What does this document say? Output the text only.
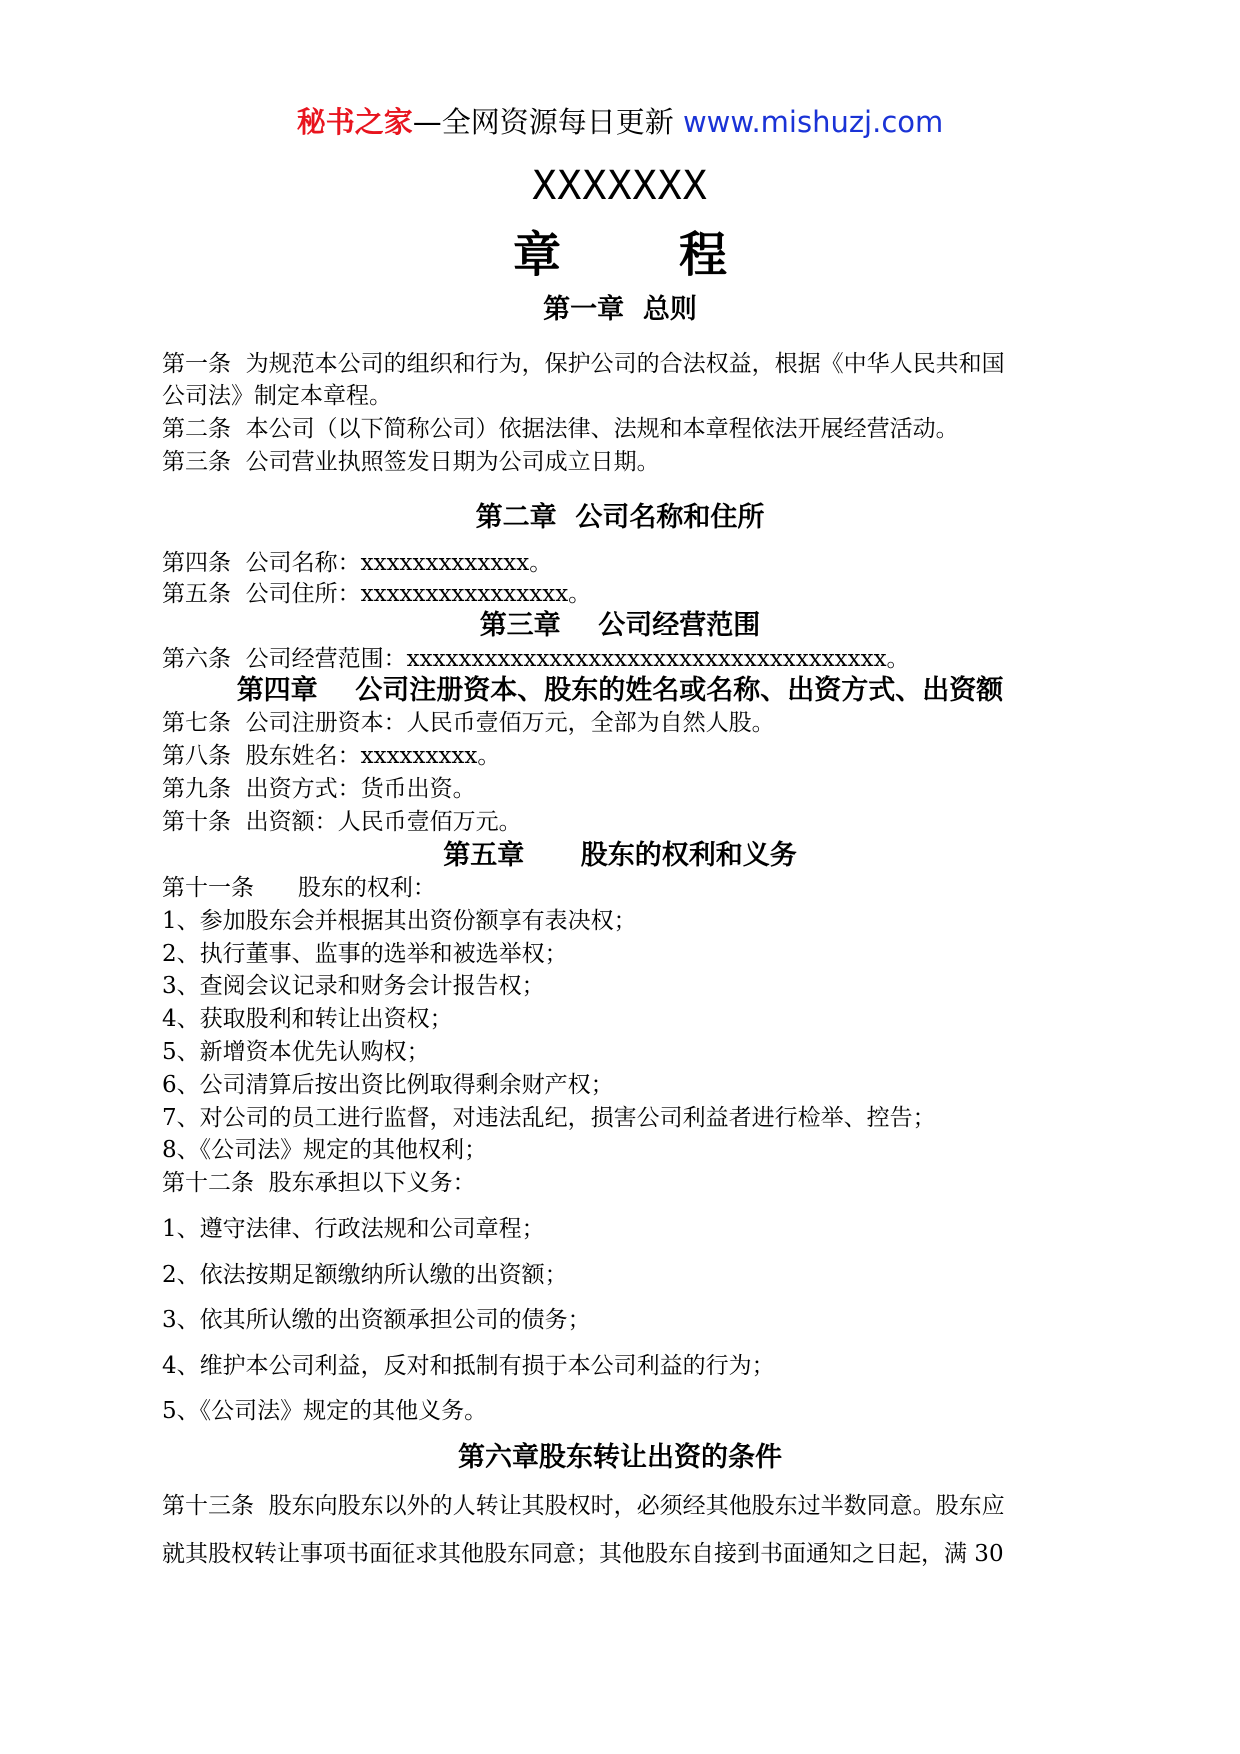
秘书之家—全网资源每日更新 www.mishuzj.com
XXXXXXX
章程
第一章  总则
第一条  为规范本公司的组织和行为，保护公司的合法权益，根据《中华人民共和国
公司法》制定本章程。
第二条  本公司（以下简称公司）依据法律、法规和本章程依法开展经营活动。
第三条  公司营业执照签发日期为公司成立日期。
第二章  公司名称和住所
第四条  公司名称：xxxxxxxxxxxxx。
第五条  公司住所：xxxxxxxxxxxxxxxx。
第三章    公司经营范围
第六条  公司经营范围：xxxxxxxxxxxxxxxxxxxxxxxxxxxxxxxxxxxxx。
第四章    公司注册资本、股东的姓名或名称、出资方式、出资额
第七条  公司注册资本：人民币壹佰万元，全部为自然人股。
第八条  股东姓名：xxxxxxxxx。
第九条  出资方式：货币出资。
第十条  出资额：人民币壹佰万元。
第五章      股东的权利和义务
第十一条      股东的权利：
1、参加股东会并根据其出资份额享有表决权；
2、执行董事、监事的选举和被选举权；
3、查阅会议记录和财务会计报告权；
4、获取股利和转让出资权；
5、新增资本优先认购权；
6、公司清算后按出资比例取得剩余财产权；
7、对公司的员工进行监督，对违法乱纪，损害公司利益者进行检举、控告；
8、《公司法》规定的其他权利；
第十二条  股东承担以下义务：
1、遵守法律、行政法规和公司章程；
2、依法按期足额缴纳所认缴的出资额；
3、依其所认缴的出资额承担公司的债务；
4、维护本公司利益，反对和抵制有损于本公司利益的行为；
5、《公司法》规定的其他义务。
第六章股东转让出资的条件
第十三条  股东向股东以外的人转让其股权时，必须经其他股东过半数同意。股东应
就其股权转让事项书面征求其他股东同意；其他股东自接到书面通知之日起，满 30
